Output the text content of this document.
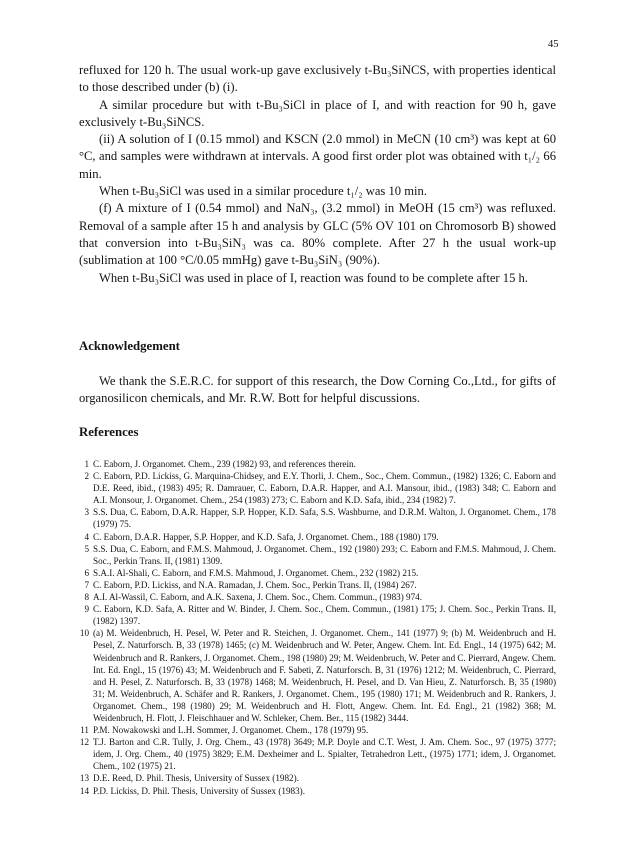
45

refluxed for 120 h. The usual work-up gave exclusively t-Bu₃SiNCS, with properties identical to those described under (b) (i).

A similar procedure but with t-Bu₃SiCl in place of I, and with reaction for 90 h, gave exclusively t-Bu₃SiNCS.

(ii) A solution of I (0.15 mmol) and KSCN (2.0 mmol) in MeCN (10 cm³) was kept at 60 °C, and samples were withdrawn at intervals. A good first order plot was obtained with t₁/₂ 66 min.

When t-Bu₃SiCl was used in a similar procedure t₁/₂ was 10 min.

(f) A mixture of I (0.54 mmol) and NaN₃, (3.2 mmol) in MeOH (15 cm³) was refluxed. Removal of a sample after 15 h and analysis by GLC (5% OV 101 on Chromosorb B) showed that conversion into t-Bu₃SiN₃ was ca. 80% complete. After 27 h the usual work-up (sublimation at 100 °C/0.05 mmHg) gave t-Bu₃SiN₃ (90%).

When t-Bu₃SiCl was used in place of I, reaction was found to be complete after 15 h.

Acknowledgement

We thank the S.E.R.C. for support of this research, the Dow Corning Co.,Ltd., for gifts of organosilicon chemicals, and Mr. R.W. Bott for helpful discussions.

References
1 C. Eaborn, J. Organomet. Chem., 239 (1982) 93, and references therein.
2 C. Eaborn, P.D. Lickiss, G. Marquina-Chidsey, and E.Y. Thorli, J. Chem., Soc., Chem. Commun., (1982) 1326; C. Eaborn and D.E. Reed, ibid., (1983) 495; R. Damrauer, C. Eaborn, D.A.R. Happer, and A.I. Mansour, ibid., (1983) 348; C. Eaborn and A.I. Monsour, J. Organomet. Chem., 254 (1983) 273; C. Eaborn and K.D. Safa, ibid., 234 (1982) 7.
3 S.S. Dua, C. Eaborn, D.A.R. Happer, S.P. Hopper, K.D. Safa, S.S. Washburne, and D.R.M. Walton, J. Organomet. Chem., 178 (1979) 75.
4 C. Eaborn, D.A.R. Happer, S.P. Hopper, and K.D. Safa, J. Organomet. Chem., 188 (1980) 179.
5 S.S. Dua, C. Eaborn, and F.M.S. Mahmoud, J. Organomet. Chem., 192 (1980) 293; C. Eaborn and F.M.S. Mahmoud, J. Chem. Soc., Perkin Trans. II, (1981) 1309.
6 S.A.I. Al-Shali, C. Eaborn, and F.M.S. Mahmoud, J. Organomet. Chem., 232 (1982) 215.
7 C. Eaborn, P.D. Lickiss, and N.A. Ramadan, J. Chem. Soc., Perkin Trans. II, (1984) 267.
8 A.I. Al-Wassil, C. Eaborn, and A.K. Saxena, J. Chem. Soc., Chem. Commun., (1983) 974.
9 C. Eaborn, K.D. Safa, A. Ritter and W. Binder, J. Chem. Soc., Chem. Commun., (1981) 175; J. Chem. Soc., Perkin Trans. II, (1982) 1397.
10 (a) M. Weidenbruch, H. Pesel, W. Peter and R. Steichen, J. Organomet. Chem., 141 (1977) 9; (b) M. Weidenbruch and H. Pesel, Z. Naturforsch. B, 33 (1978) 1465; (c) M. Weidenbruch and W. Peter, Angew. Chem. Int. Ed. Engl., 14 (1975) 642; M. Weidenbruch and R. Rankers, J. Organomet. Chem., 198 (1980) 29; M. Weidenbruch, W. Peter and C. Pierrard, Angew. Chem. Int. Ed. Engl., 15 (1976) 43; M. Weidenbruch and F. Sabeti, Z. Naturforsch. B, 31 (1976) 1212; M. Weidenbruch, C. Pierrard, and H. Pesel, Z. Naturforsch. B, 33 (1978) 1468; M. Weidenbruch, H. Pesel, and D. Van Hieu, Z. Naturforsch. B, 35 (1980) 31; M. Weidenbruch, A. Schäfer and R. Rankers, J. Organomet. Chem., 195 (1980) 171; M. Weidenbruch and R. Rankers, J. Organomet. Chem., 198 (1980) 29; M. Weidenbruch and H. Flott, Angew. Chem. Int. Ed. Engl., 21 (1982) 368; M. Weidenbruch, H. Flott, J. Fleischhauer and W. Schleker, Chem. Ber., 115 (1982) 3444.
11 P.M. Nowakowski and L.H. Sommer, J. Organomet. Chem., 178 (1979) 95.
12 T.J. Barton and C.R. Tully, J. Org. Chem., 43 (1978) 3649; M.P. Doyle and C.T. West, J. Am. Chem. Soc., 97 (1975) 3777; idem, J. Org. Chem., 40 (1975) 3829; E.M. Dexheimer and L. Spialter, Tetrahedron Lett., (1975) 1771; idem, J. Organomet. Chem., 102 (1975) 21.
13 D.E. Reed, D. Phil. Thesis, University of Sussex (1982).
14 P.D. Lickiss, D. Phil. Thesis, University of Sussex (1983).
